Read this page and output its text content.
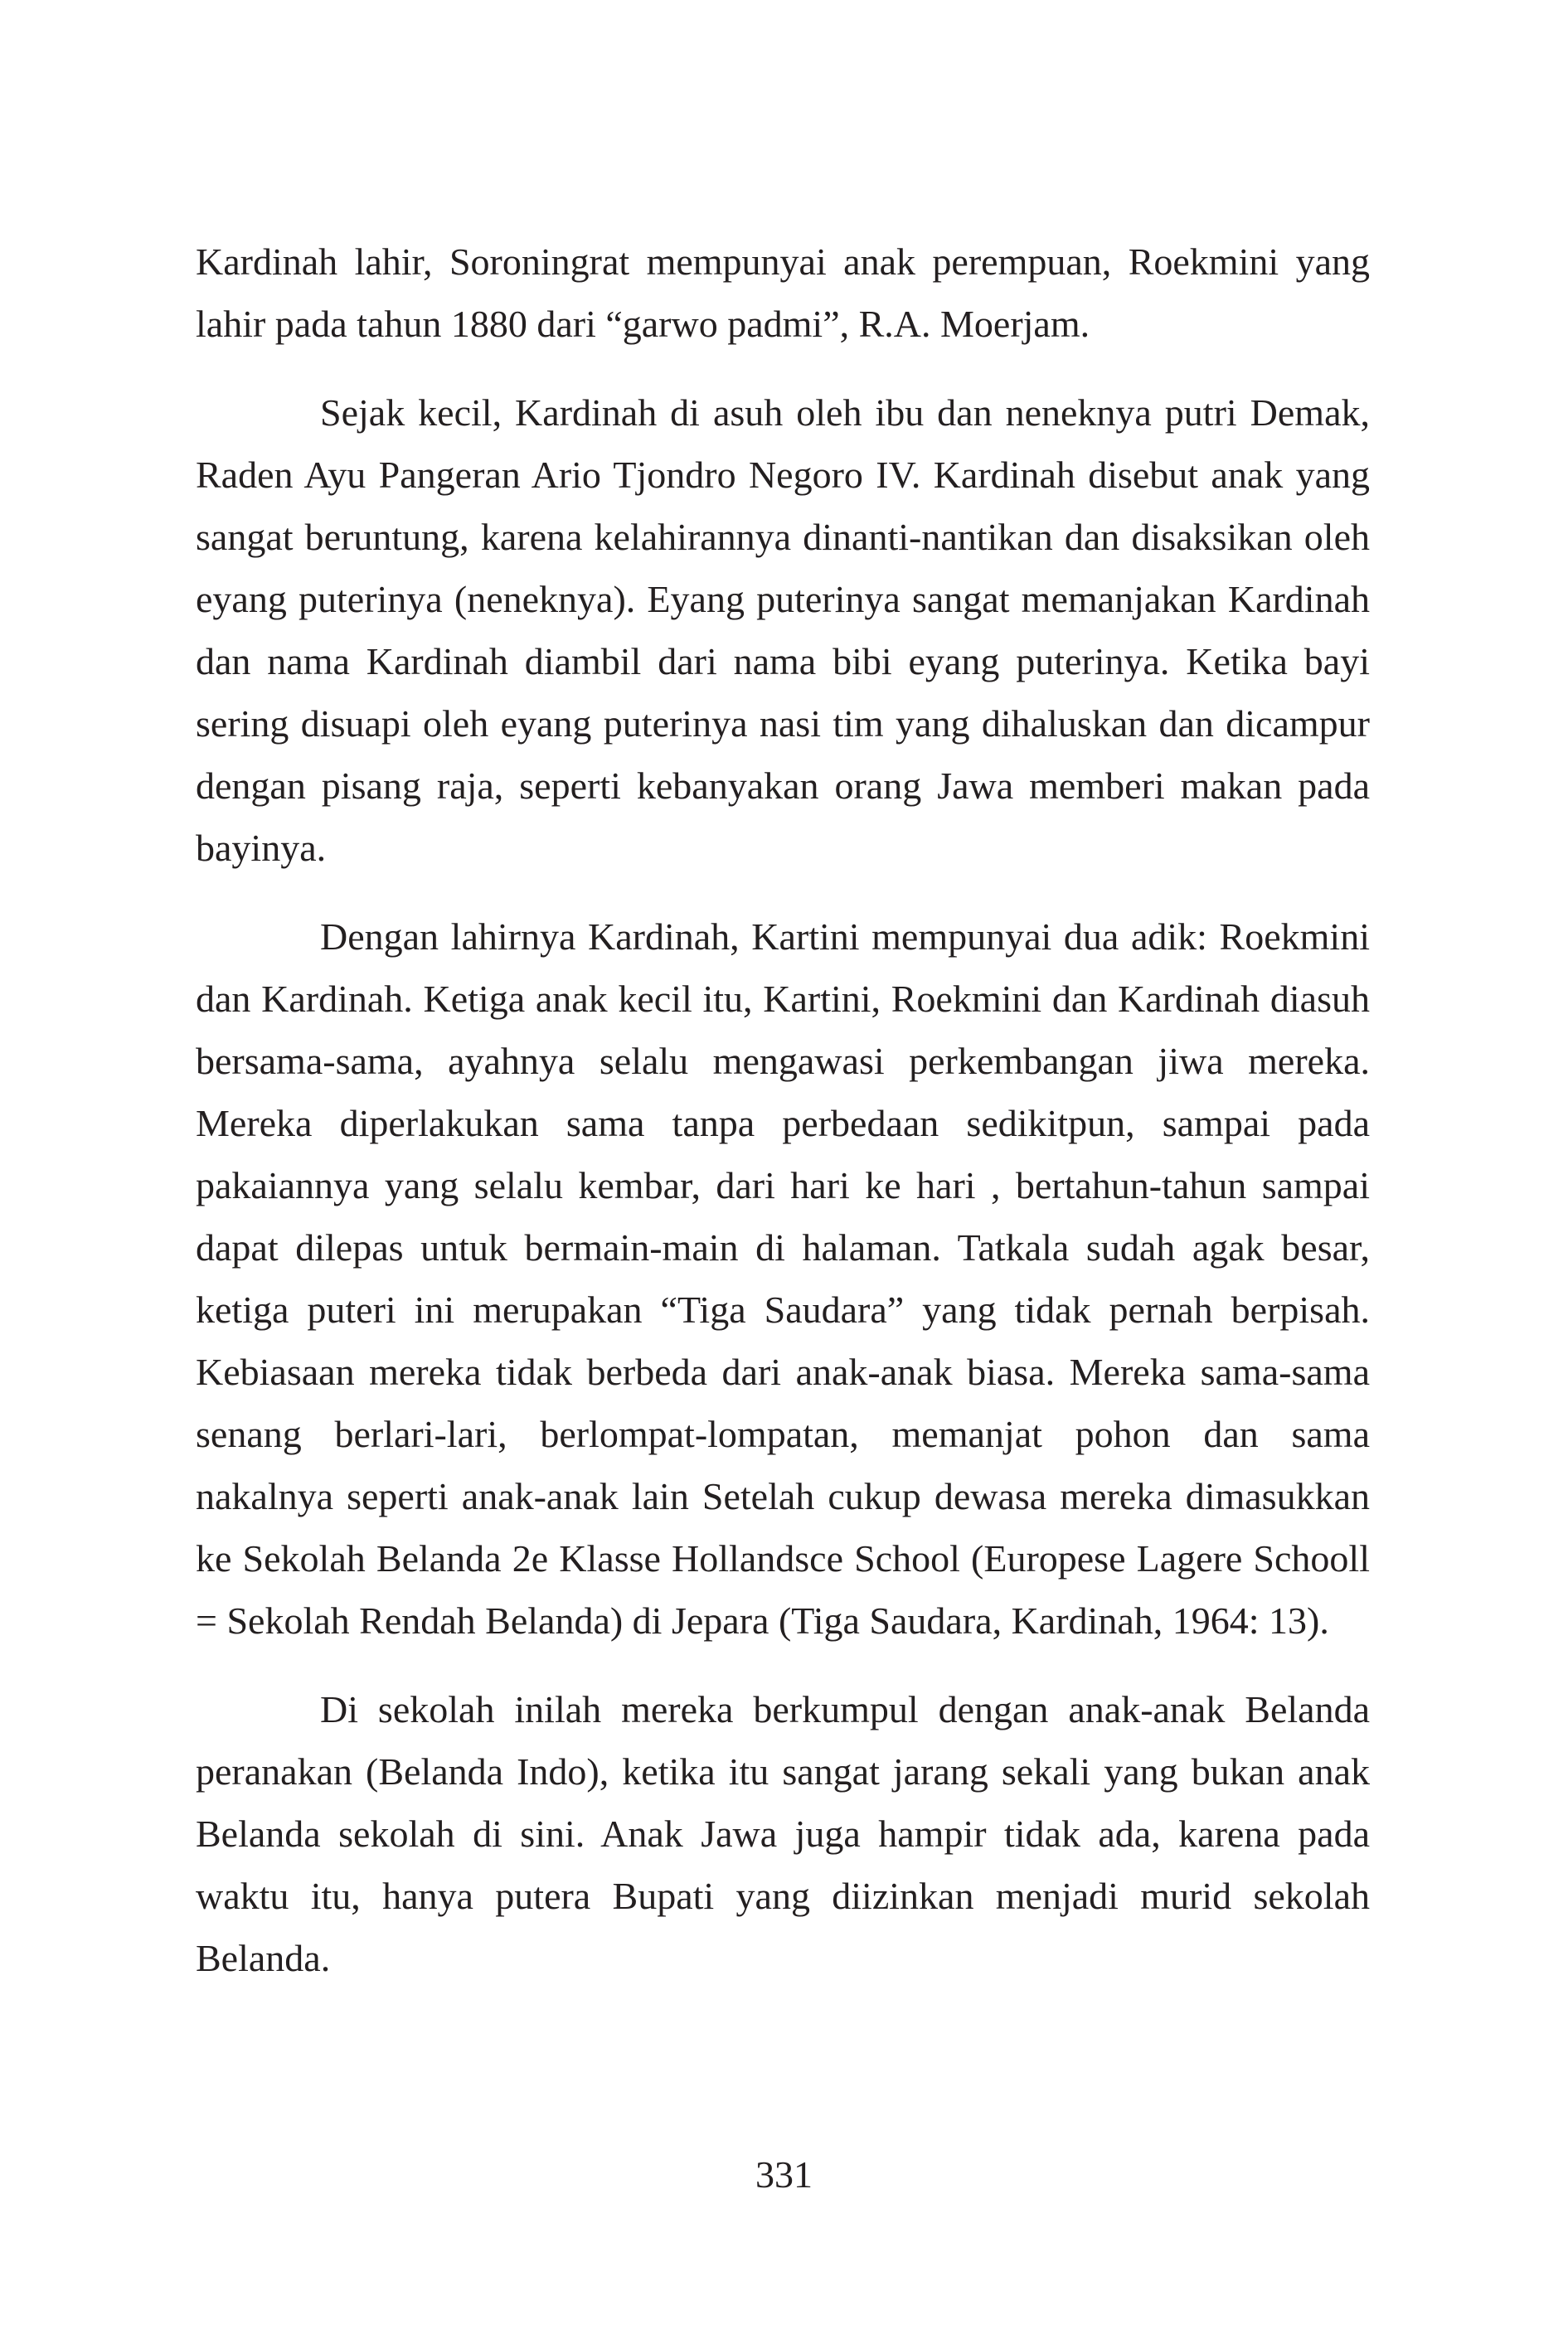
Kardinah lahir, Soroningrat mempunyai anak perempuan, Roekmini yang lahir pada tahun 1880 dari “garwo padmi”, R.A. Moerjam.

Sejak kecil, Kardinah di asuh oleh ibu dan neneknya putri Demak, Raden Ayu Pangeran Ario Tjondro Negoro IV. Kardinah disebut anak yang sangat beruntung, karena kelahirannya dinanti-nantikan dan disaksikan oleh eyang puterinya (neneknya). Eyang puterinya sangat memanjakan Kardinah dan nama Kardinah diambil dari nama bibi eyang puterinya. Ketika bayi sering disuapi oleh eyang puterinya nasi tim yang dihaluskan dan dicampur dengan pisang raja, seperti kebanyakan orang Jawa memberi makan pada bayinya.

Dengan lahirnya Kardinah, Kartini mempunyai dua adik: Roekmini dan Kardinah. Ketiga anak kecil itu, Kartini, Roekmini dan Kardinah diasuh bersama-sama, ayahnya selalu mengawasi perkembangan jiwa mereka. Mereka diperlakukan sama tanpa perbedaan sedikitpun, sampai pada pakaiannya yang selalu kembar, dari hari ke hari , bertahun-tahun sampai dapat dilepas untuk bermain-main di halaman. Tatkala sudah agak besar, ketiga puteri ini merupakan “Tiga Saudara” yang tidak pernah berpisah. Kebiasaan mereka tidak berbeda dari anak-anak biasa. Mereka sama-sama senang berlari-lari, berlompat-lompatan, memanjat pohon dan sama nakalnya seperti anak-anak lain Setelah cukup dewasa mereka dimasukkan ke Sekolah Belanda 2e Klasse Hollandsce School (Europese Lagere Schooll = Sekolah Rendah Belanda) di Jepara (Tiga Saudara, Kardinah, 1964: 13).

Di sekolah inilah mereka berkumpul dengan anak-anak Belanda peranakan (Belanda Indo), ketika itu sangat jarang sekali yang bukan anak Belanda sekolah di sini. Anak Jawa juga hampir tidak ada, karena pada waktu itu, hanya putera Bupati yang diizinkan menjadi murid sekolah Belanda.

331
